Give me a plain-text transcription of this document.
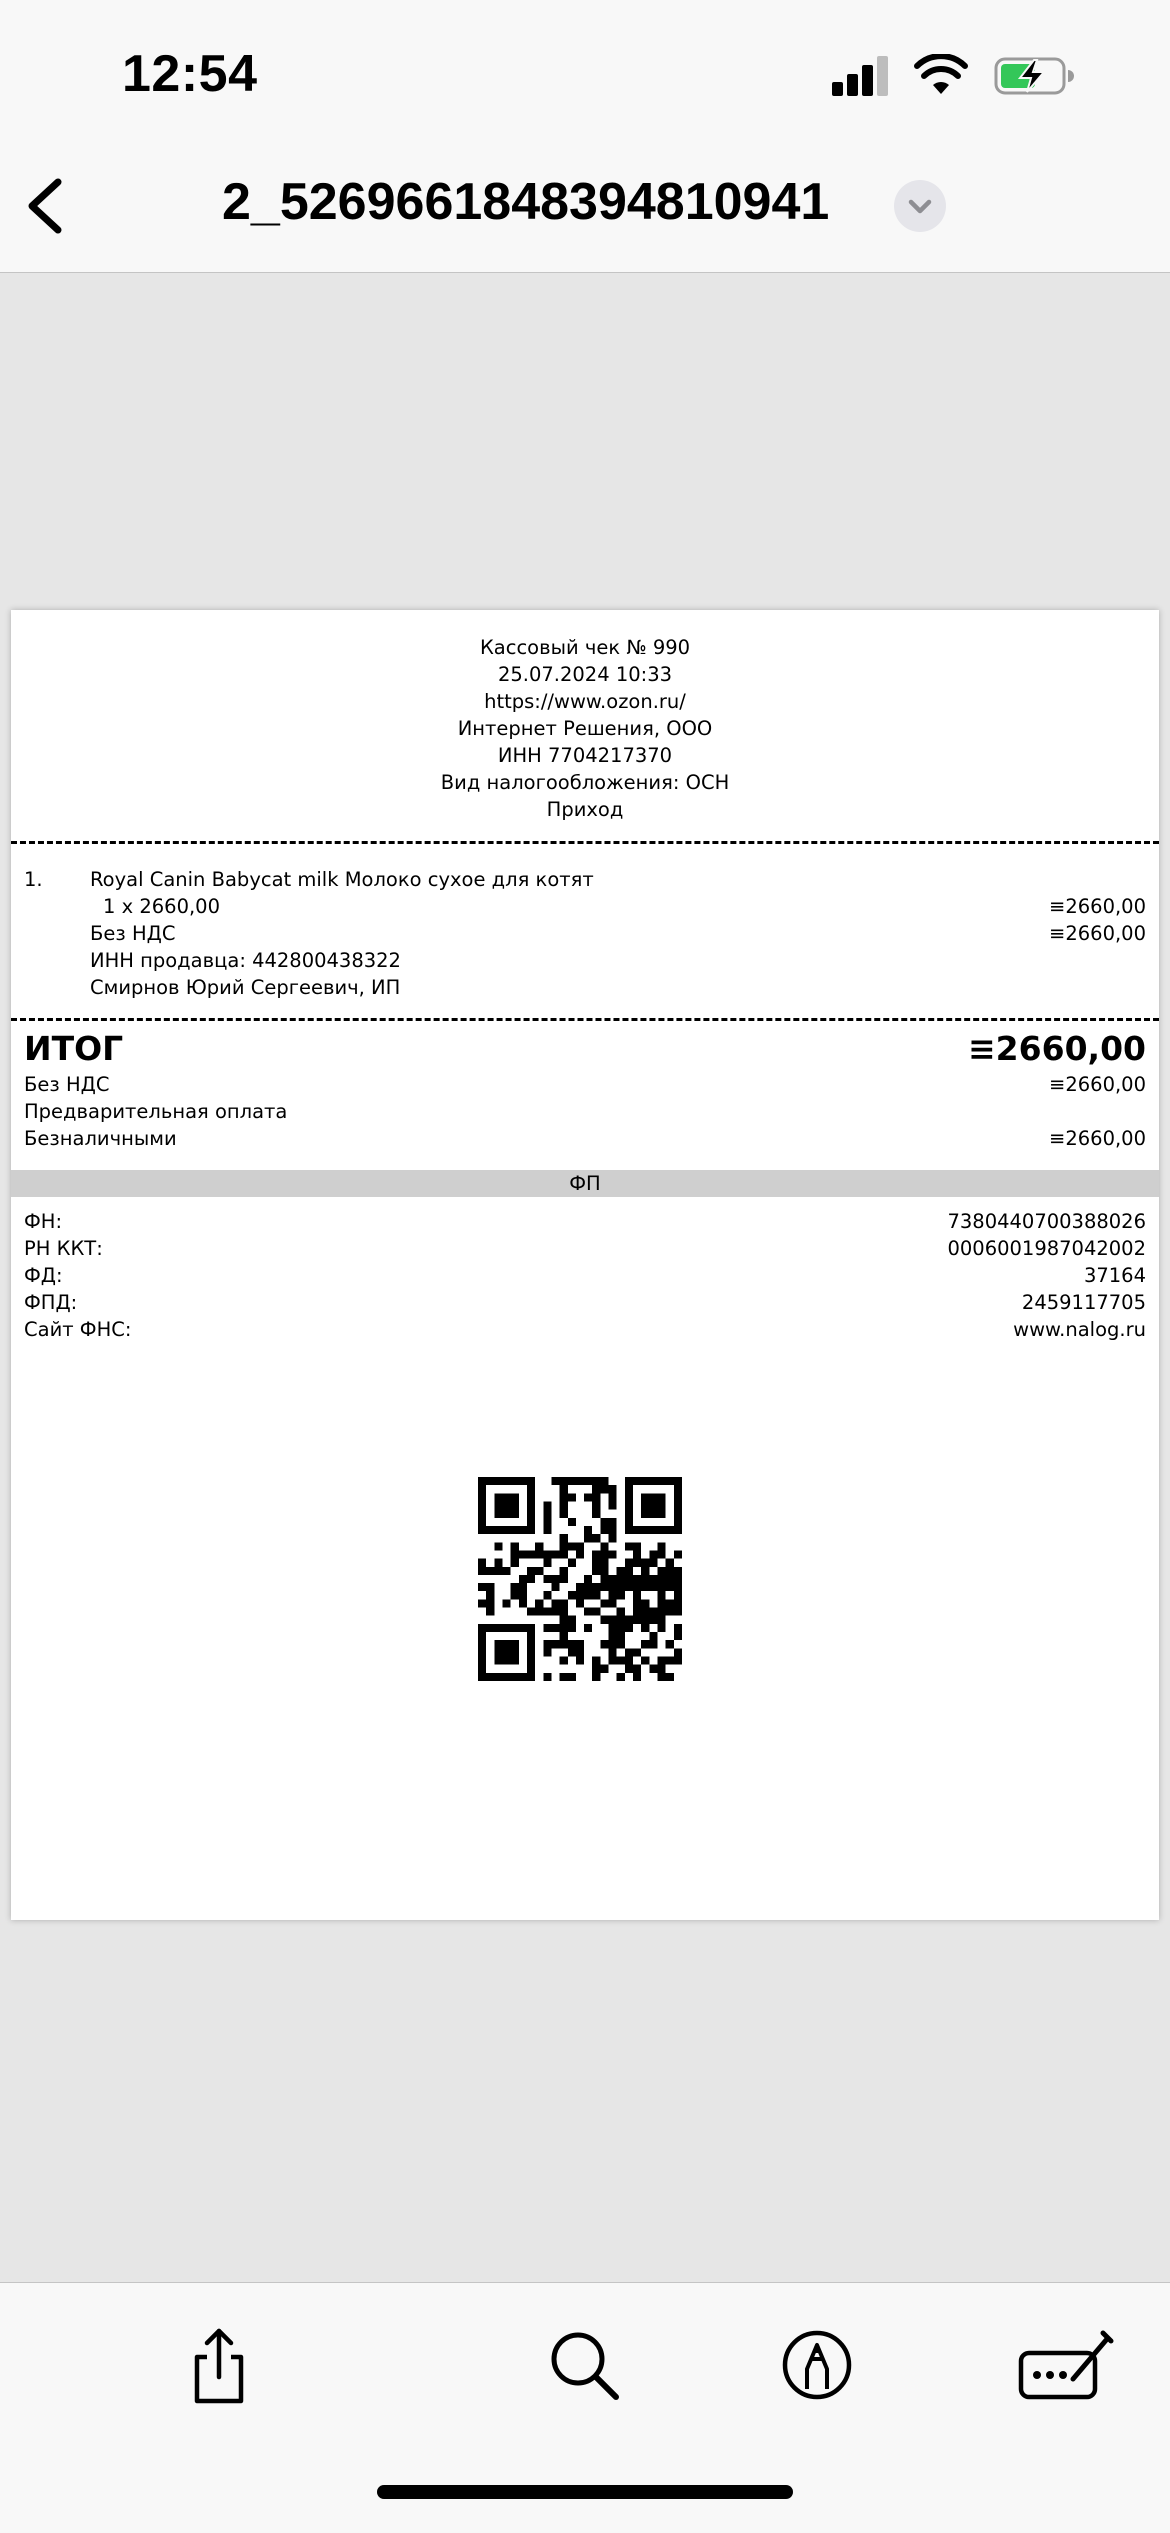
12:54
2_5269661848394810941
Кассовый чек № 990
25.07.2024 10:33
https://www.ozon.ru/
Интернет Решения, ООО
ИНН 7704217370
Вид налогообложения: ОСН
Приход
1. Royal Canin Babycat milk Молоко сухое для котят
1 x 2660,00	≡2660,00
Без НДС	≡2660,00
ИНН продавца: 442800438322
Смирнов Юрий Сергеевич, ИП
ИТОГ	≡2660,00
Без НДС	≡2660,00
Предварительная оплата
Безналичными	≡2660,00
ФП
ФН:	7380440700388026
РН ККТ:	0006001987042002
ФД:	37164
ФПД:	2459117705
Сайт ФНС:	www.nalog.ru
